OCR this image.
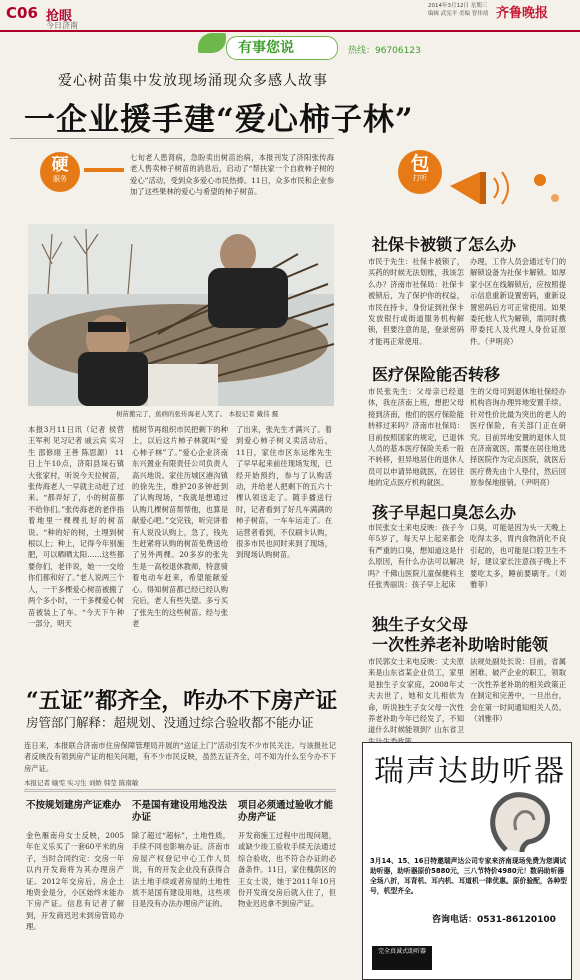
C06 抢眼
今日济南
2014年3月12日 星期三
编辑 武宪平 美编 智伟靖 齐鲁晚报
有事您说	热线：96706123
爱心树苗集中发放现场涌现众多感人故事
一企业援手建“爱心柿子林”
硬
服务
七旬老人患肾病，急盼卖出树苗治病，本报刊发了济阳张传海老人售卖柿子树苗的消息后，启动了“帮扶家一个自救柿子树的爱心”活动，受到众多爱心市民热捧。11日，众多市民和企业参加了这些果林的爱心与希望的柿子树苗。
树苗搬完了，蕉病的张传海老人笑了。 本报记者 戴伟 摄
本报3月11日讯（记者 侯营 王军利 见习记者 戚云宾 实习生 邵修翊 王善 陈思源） 11日上午10点，济阳县垛石镇大张家村，听说今天拉树苗，张传海老人一早就主动赶了过来。“都弄好了，小的树苗都不给你们。”张传海老的老伴指着地里一棵棵扎好的树苗说。“种的好的树，土埋到树根以上；种上，记得今年别施肥，可以晒晒太阳……这些都要你们，老伴说，她一一交给你们都和好了。”老人说两三个人，一干多棵爱心树苗被搬了两个多小时，一干多棵爱心树苗被装上了车。“今天下午种一部分，明天
植树节再组织市民把剩下的种上，以后这片柿子林就叫“爱心柿子林”了。”爱心企业济南东兴置业有限责任公司负责人高兴地说。家住历城区港沟镇的徐先生，维护20多钟赶到了认购现场，“我就是想通过认购几棵树苗帮帮他，也算是献爱心吧。”交完钱，听完讲着有人说没认购上，急了，钱先生赶紧将认购的树苗免费送给了另外两棵。20多岁的张先生是一高校退休教师，特意骑着电动车赶来，希望能献爱心。得知树苗都已经已经认购完后，老人有些失望。多亏买了张先生的这些树苗。经与张老
了出来，张先生才满兴了。着到爱心柿子树义卖活动后，11日，家住市区东运维先生了早早起来前往现场发现，已经开始预约，参与了认购活动，并给老人把剩下的五六十棵认领送走了。随手播送行时，记者看到了好几车满满的柿子树苗，一车车运走了。在运营者看到，不仅刷卡认购，很多市民也同时来到了现场，到现场认购树苗。
“五证”都齐全，咋办不下房产证
房管部门解释：超规划、没通过综合验收都不能办证
连日来，本报联合济南市住房保障管理局开展的“送证上门”活动引发不少市民关注。与该报社记者反映没有领到房产证的相关问题，有不少市民反映，虽然五证齐全，可不知为什么至今办不下房产证。
本报记者 喻雯 实习生 刘娇 韩莹 陈南敏
不按规划建房产证难办	不是国有建设用地没法办证
项目必须通过验收才能办房产证
金色雁南舟女士反映，2005年在义乐买了一套60平米的房子，当时合同约定：交房一年以内开发商将为其办理房产证。2012年交房后，房企土地资金是分，小区始终未能办下房产证。信息有记者了解到，开发商迟迟未到房管局办理。
除了超过“超标”，土地性质，手续不同也影响办证。济南市房屋产权登记中心工作人员说，有的开发企业没有获得合法土地手续或者房屋的土地性质不是国有建设用地，这些项目是没有办法办理房产证的。
开发商施工过程中出现问题，或缺少竣工验收手续无法通过综合验收，也不符合办证的必备条件。11日，家住槐荫区的王女士说，她于2011年10月份开发商交房后就入住了，但物业迟迟拿不到房产证。
包
打听
社保卡被锁了怎么办
市民于先生：社保卡被锁了，买药的时候无法划账，我该怎么办？济南市社保局：社保卡被锁后，为了保护你的权益，市民在持卡、身份证到社保卡发放银行或街道服务机构解锁，但要注意的是，登录密码才能再正常使用。
办理，工作人员会通过专门的解锁设备为社保卡解锁。如厚家小区在线解锁后，应按照提示信息重新设置密码，重新设置密码后方可正常使用。如果委托他人代为解锁，需同时携带委托人及代理人身份证原件。（尹明亮）
医疗保险能否转移
市民张先生：父母亲已经退休，我在济南上班，想把父母接到济南，他们的医疗保险能转移过来吗？济南市社保局：目前按照国家的规定，已退休人员的基本医疗保险关系一般不转移，但异地居住的退休人员可以申请异地就医，在居住地的定点医疗机构就医。
生的父母可到退休地社保经办机构咨询办理异地安置手续。针对性价比最为突出的老人的医疗保险，有关部门正在研究。目前异地安置的退休人员在济南就医，需要在居住地选择医院作为定点医院，就医后医疗费先由个人垫付，然后回原参保地报销。（尹明亮）
孩子早起口臭怎么办
市民张女士来电反映：孩子今年5岁了，每天早上起来都会有严重的口臭，想知道这是什么原因，有什么办法可以解决吗？千佛山医院儿童保健科主任张秀丽说：孩子早上起床
口臭，可能是因为头一天晚上吃得太多，胃内食物消化不良引起的，也可能是口腔卫生不好，建议家长注意孩子晚上不要吃太多，睡前要刷牙。（刘雅菲）
独生子女父母
一次性养老补助啥时能领
市民郭女士来电反映：丈夫原来是山东省某企业员工，家里是独生子女家庭，2008年丈夫去世了，她和女儿相依为命，听说独生子女父母一次性养老补助今年已经发了，不知道什么时候能领到？山东省卫
法规处副处长说：目前，省属困难、破产企业的职工，领取一次性养老补助的相关政策正在制定和完善中，一旦出台，会在第一时间通知相关人员。（刘雅菲）
瑞声达助听器
3月14、15、16日特邀瑞声达公司专家来济南现场免费为您调试助听器，助听器原价5880元，三八节特价4980元！数码助听器全场八折，耳背机、耳内机、耳道机一律优惠。原价验配，各种型号，机型齐全。
咨询电话：0531-86120100
完全真诚式助听器
